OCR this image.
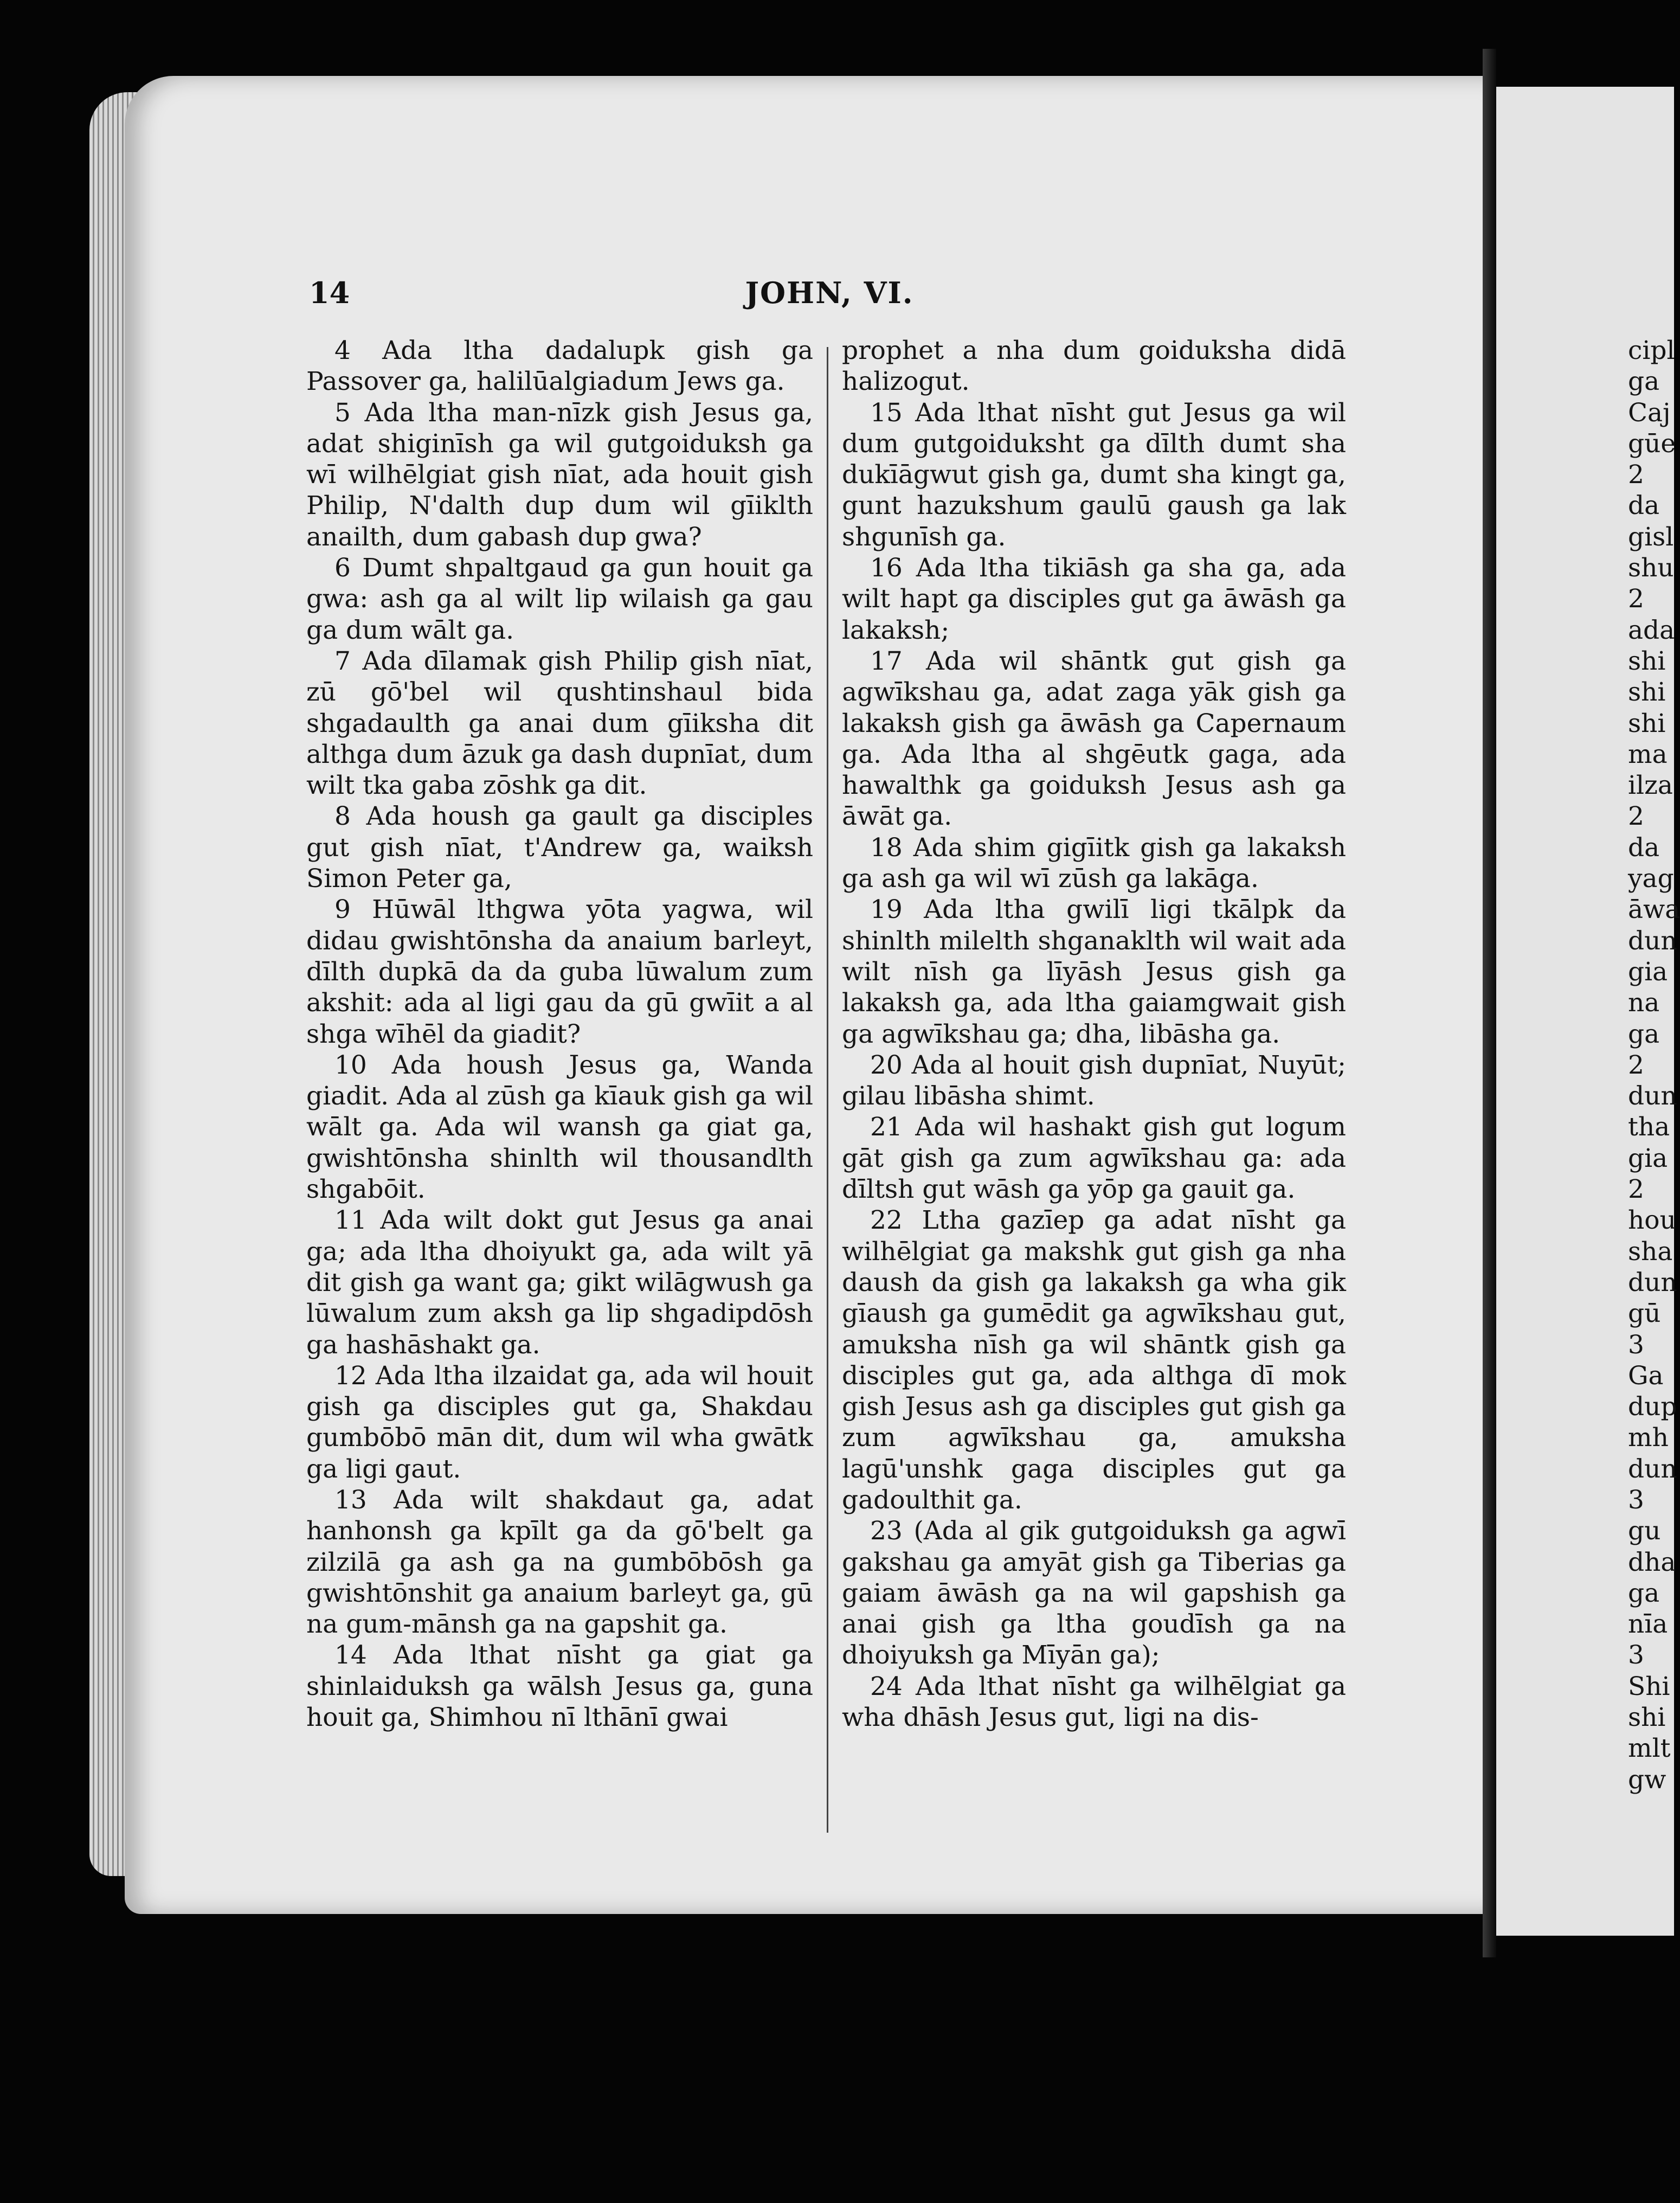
14	JOHN, VI.

4 Ada ltha dadalupk gish ga Passover ga, halilūalgiadum Jews ga.

5 Ada ltha man-nīzk gish Jesus ga, adat shiginīsh ga wil gutgoiduksh ga wī wilhēlgiat gish nīat, ada houit gish Philip, N'dalth dup dum wil gīiklth anailth, dum gabash dup gwa?

6 Dumt shpaltgaud ga gun houit ga gwa: ash ga al wilt lip wilaish ga gau ga dum wālt ga.

7 Ada dīlamak gish Philip gish nīat, zū gō'bel wil qushtinshaul bida shgadaulth ga anai dum gīiksha dit althga dum āzuk ga dash dupnīat, dum wilt tka gaba zōshk ga dit.

8 Ada housh ga gault ga disciples gut gish nīat, t'Andrew ga, waiksh Simon Peter ga,

9 Hūwāl lthgwa yōta yagwa, wil didau gwishtōnsha da anaium barleyt, dīlth dupkā da da guba lūwalum zum akshit: ada al ligi gau da gū gwīit a al shga wīhēl da giadit?

10 Ada housh Jesus ga, Wanda giadit. Ada al zūsh ga kīauk gish ga wil wālt ga. Ada wil wansh ga giat ga, gwishtōnsha shinlth wil thousandlth shgabōit.

11 Ada wilt dokt gut Jesus ga anai ga; ada ltha dhoiyukt ga, ada wilt yā dit gish ga want ga; gikt wilāgwush ga lūwalum zum aksh ga lip shgadipdōsh ga hashāshakt ga.

12 Ada ltha ilzaidat ga, ada wil houit gish ga disciples gut ga, Shakdau gumbōbō mān dit, dum wil wha gwātk ga ligi gaut.

13 Ada wilt shakdaut ga, adat hanhonsh ga kpīlt ga da gō'belt ga zilzilā ga ash ga na gumbōbōsh ga gwishtōnshit ga anaium barleyt ga, gū na gum-mānsh ga na gapshit ga.

14 Ada lthat nīsht ga giat ga shinlaiduksh ga wālsh Jesus ga, guna houit ga, Shimhou nī lthānī gwai

prophet a nha dum goiduksha didā halizogut.

15 Ada lthat nīsht gut Jesus ga wil dum gutgoiduksht ga dīlth dumt sha dukīāgwut gish ga, dumt sha kingt ga, gunt hazukshum gaulū gaush ga lak shgunīsh ga.

16 Ada ltha tikiāsh ga sha ga, ada wilt hapt ga disciples gut ga āwāsh ga lakaksh;

17 Ada wil shāntk gut gish ga agwīkshau ga, adat zaga yāk gish ga lakaksh gish ga āwāsh ga Capernaum ga. Ada ltha al shgēutk gaga, ada hawalthk ga goiduksh Jesus ash ga āwāt ga.

18 Ada shim gigīitk gish ga lakaksh ga ash ga wil wī zūsh ga lakāga.

19 Ada ltha gwilī ligi tkālpk da shinlth milelth shganaklth wil wait ada wilt nīsh ga līyāsh Jesus gish ga lakaksh ga, ada ltha gaiamgwait gish ga agwīkshau ga; dha, libāsha ga.

20 Ada al houit gish dupnīat, Nuyūt; gilau libāsha shimt.

21 Ada wil hashakt gish gut logum gāt gish ga zum agwīkshau ga: ada dīltsh gut wāsh ga yōp ga gauit ga.

22 Ltha gazīep ga adat nīsht ga wilhēlgiat ga makshk gut gish ga nha daush da gish ga lakaksh ga wha gik gīaush ga gumēdit ga agwīkshau gut, amuksha nīsh ga wil shāntk gish ga disciples gut ga, ada althga dī mok gish Jesus ash ga disciples gut gish ga zum agwīkshau ga, amuksha lagū'unshk gaga disciples gut ga gadoulthit ga.

23 (Ada al gik gutgoiduksh ga agwī gakshau ga amyāt gish ga Tiberias ga gaiam āwāsh ga na wil gapshish ga anai gish ga ltha goudīsh ga na dhoiyuksh ga Mīyān ga);

24 Ada lthat nīsht ga wilhēlgiat ga wha dhāsh Jesus gut, ligi na dis-

cipl
ga
Caj
gūe
2
da
gisl
shu
2
ada
shi
shi
shi
ma
ilza
2
da
yag
āwa
dun
gia
na
ga
2
dun
tha
gia
2
hou
sha
dun
gū
3
Ga
dup
mh
dun
3
gu
dha
ga
nīa
3
Shi
shi
mlt
gw
